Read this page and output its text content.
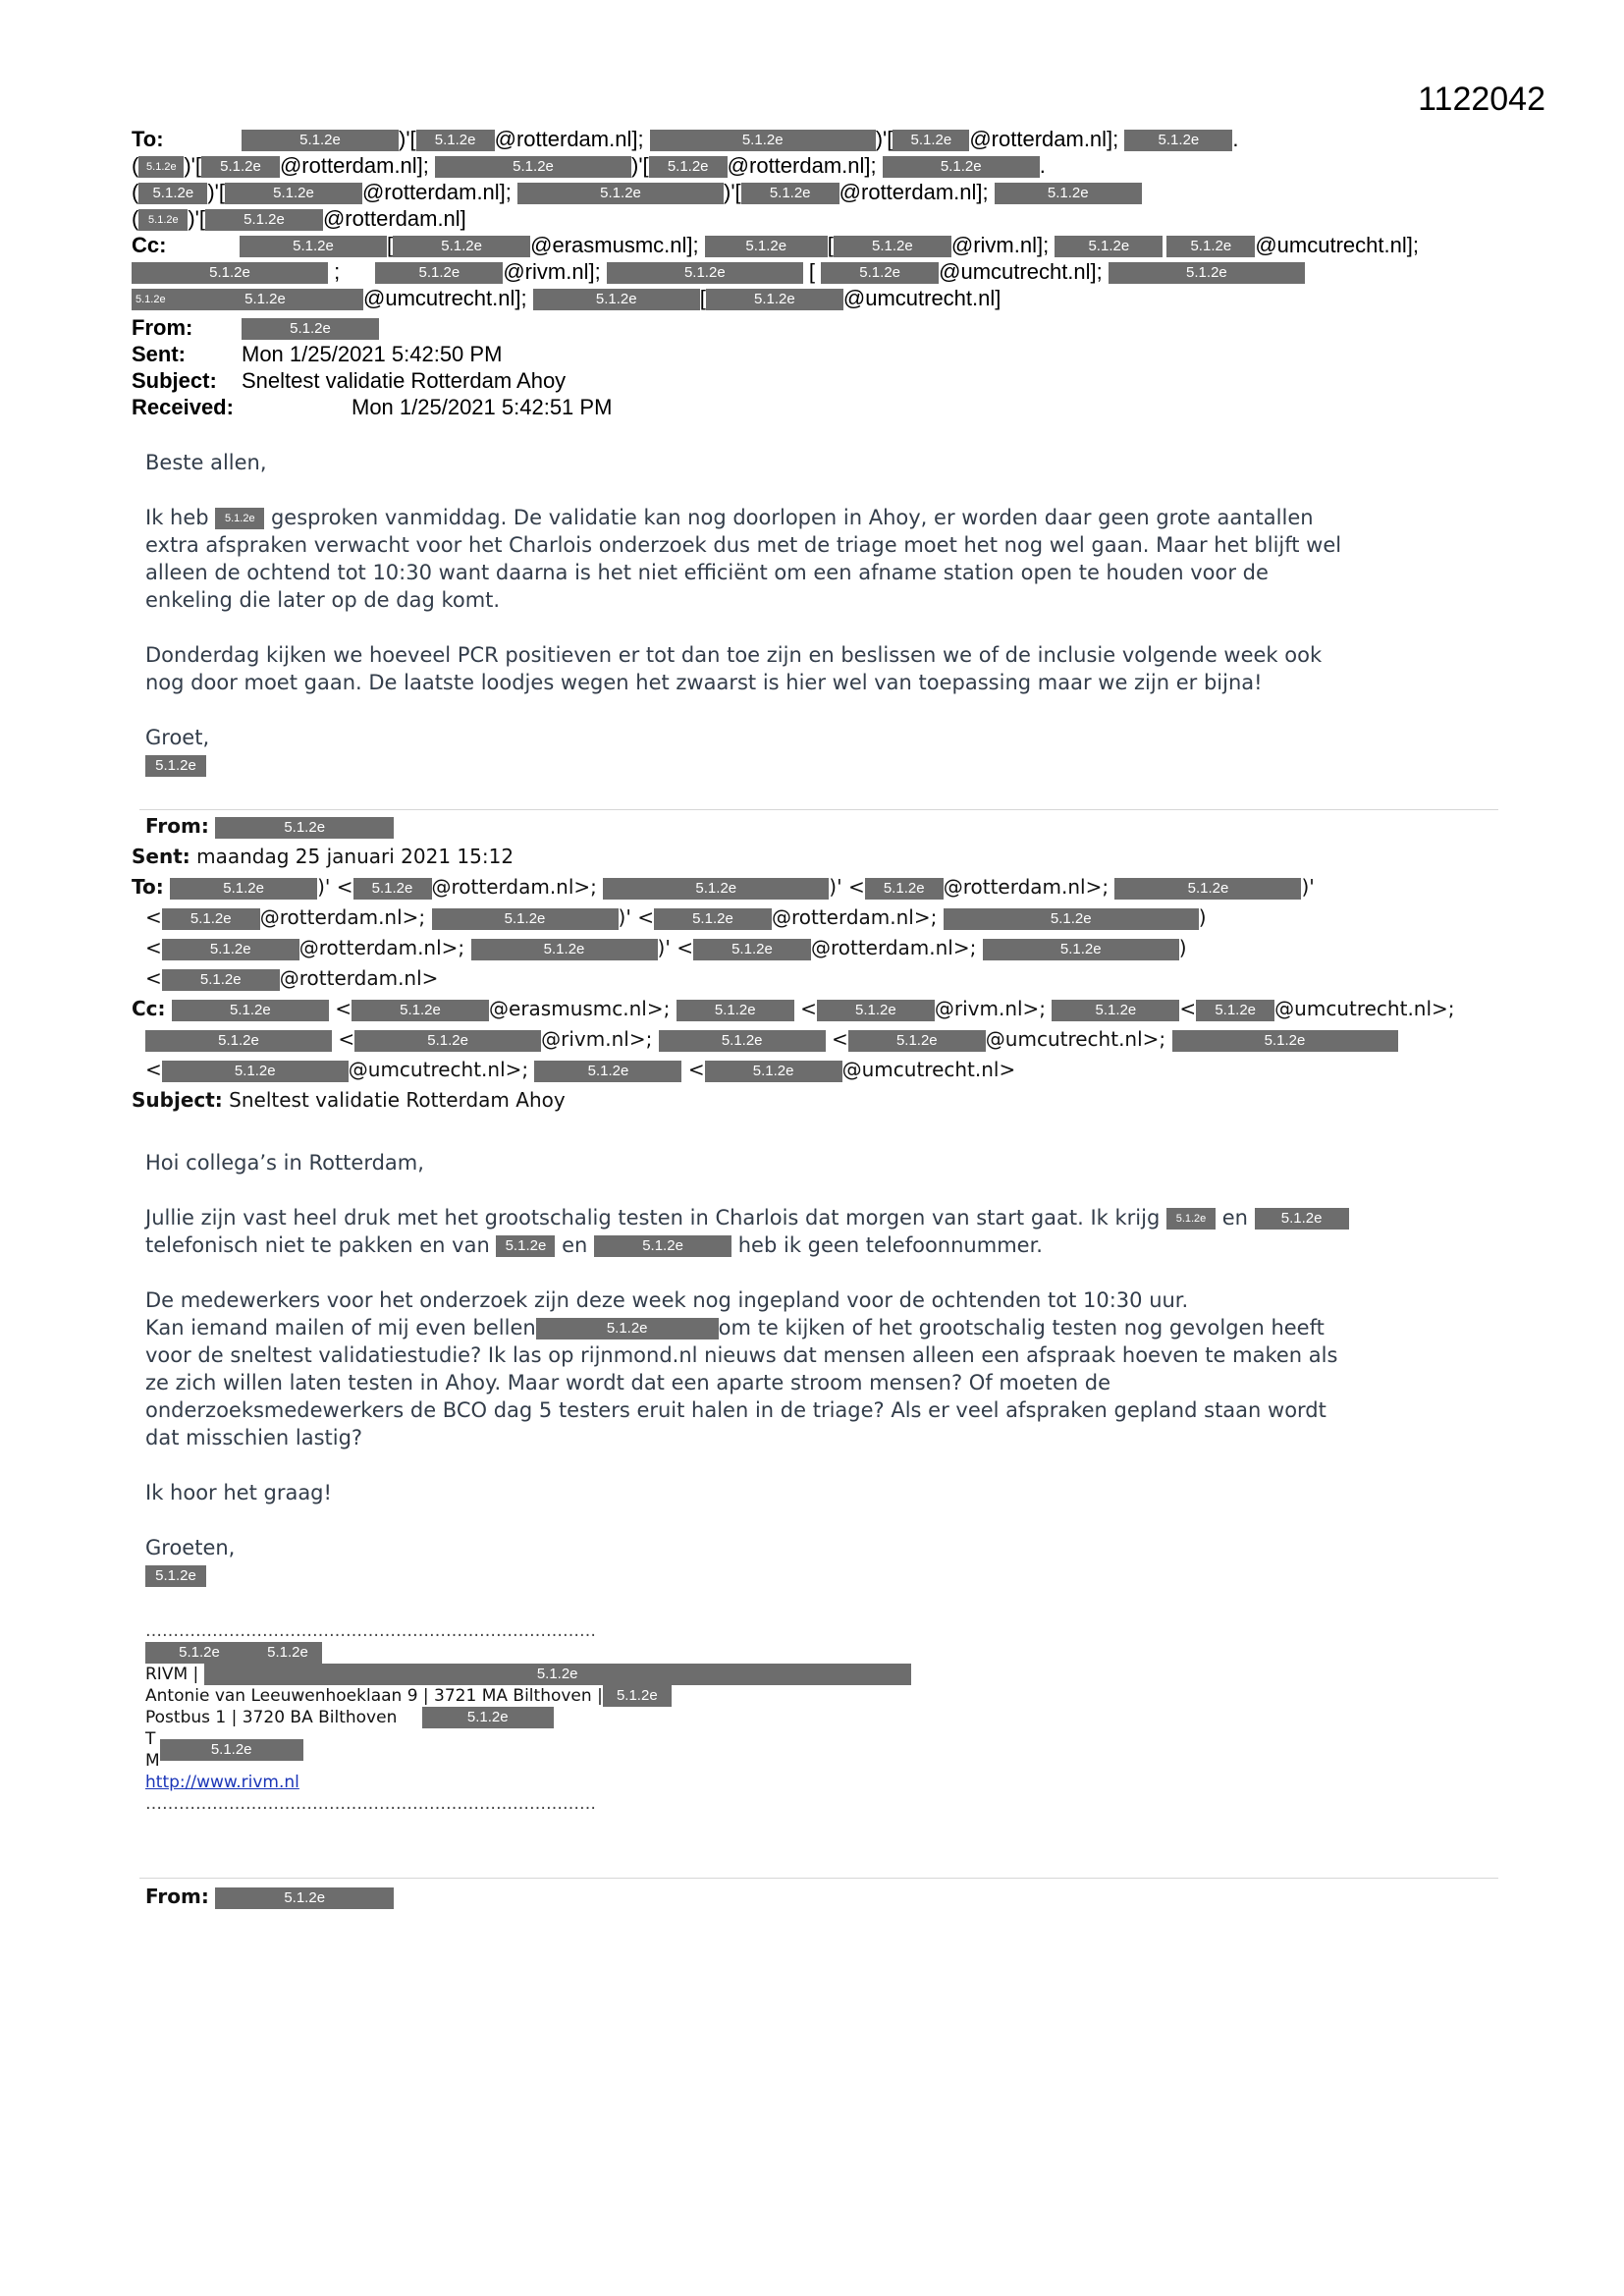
1122042
To:	5.1.2e	)'[ 5.1.2e @rotterdam.nl];	5.1.2e	)'[ 5.1.2e @rotterdam.nl];	5.1.2e .
( 5.1.2e )'[ 5.1.2e @rotterdam.nl];	5.1.2e	)'[ 5.1.2e @rotterdam.nl];	5.1.2e	.
( 5.1.2e )'[	5.1.2e @rotterdam.nl];	5.1.2e	)'[ 5.1.2e @rotterdam.nl];	5.1.2e
( 5.1.2e )'[	5.1.2e @rotterdam.nl]
Cc:	5.1.2e [	5.1.2e @erasmusmc.nl];	5.1.2e [	5.1.2e @rivm.nl];	5.1.2e	5.1.2e @umcutrecht.nl];
5.1.2e	;	5.1.2e @rivm.nl];	5.1.2e	[	5.1.2e @umcutrecht.nl];	5.1.2e
5.1.2e	5.1.2e	@umcutrecht.nl];	5.1.2e	[	5.1.2e @umcutrecht.nl]
From:	5.1.2e
Sent:	Mon 1/25/2021 5:42:50 PM
Subject: Sneltest validatie Rotterdam Ahoy
Received:	Mon 1/25/2021 5:42:51 PM

Beste allen,

Ik heb 5.1.2e gesproken vanmiddag. De validatie kan nog doorlopen in Ahoy, er worden daar geen grote aantallen

extra afspraken verwacht voor het Charlois onderzoek dus met de triage moet het nog wel gaan. Maar het blijft wel

alleen de ochtend tot 10:30 want daarna is het niet efficiënt om een afname station open te houden voor de

enkeling die later op de dag komt.

Donderdag kijken we hoeveel PCR positieven er tot dan toe zijn en beslissen we of de inclusie volgende week ook

nog door moet gaan. De laatste loodjes wegen het zwaarst is hier wel van toepassing maar we zijn er bijna!

Groet,

5.1.2e

From:	5.1.2e
Sent: maandag 25 januari 2021 15:12
To:	5.1.2e	)' < 5.1.2e @rotterdam.nl>;	5.1.2e	)' < 5.1.2e @rotterdam.nl>;	5.1.2e	)'
< 5.1.2e @rotterdam.nl>;	5.1.2e	)' <	5.1.2e @rotterdam.nl>;	5.1.2e	)
<	5.1.2e @rotterdam.nl>;	5.1.2e	)' <	5.1.2e @rotterdam.nl>;	5.1.2e	)
<	5.1.2e @rotterdam.nl>
Cc:	5.1.2e	<	5.1.2e @erasmusmc.nl>;	5.1.2e <	5.1.2e @rivm.nl>;	5.1.2e < 5.1.2e @umcutrecht.nl>;
5.1.2e	<	5.1.2e	@rivm.nl>;	5.1.2e	<	5.1.2e @umcutrecht.nl>;	5.1.2e
<	5.1.2e	@umcutrecht.nl>;	5.1.2e	<	5.1.2e @umcutrecht.nl>
Subject: Sneltest validatie Rotterdam Ahoy

Hoi collega’s in Rotterdam,

Jullie zijn vast heel druk met het grootschalig testen in Charlois dat morgen van start gaat. Ik krijg 5.1.2e en 5.1.2e

telefonisch niet te pakken en van 5.1.2e en	5.1.2e	heb ik geen telefoonnummer.

De medewerkers voor het onderzoek zijn deze week nog ingepland voor de ochtenden tot 10:30 uur.

Kan iemand mailen of mij even bellen	5.1.2e	om te kijken of het grootschalig testen nog gevolgen heeft

voor de sneltest validatiestudie? Ik las op rijnmond.nl nieuws dat mensen alleen een afspraak hoeven te maken als

ze zich willen laten testen in Ahoy. Maar wordt dat een aparte stroom mensen? Of moeten de

onderzoeksmedewerkers de BCO dag 5 testers eruit halen in de triage? Als er veel afspraken gepland staan wordt

dat misschien lastig?

Ik hoor het graag!

Groeten,

5.1.2e

………………………………………………………………………
5.1.2e	5.1.2e
RIVM |	5.1.2e
Antonie van Leeuwenhoeklaan 9 | 3721 MA Bilthoven | 5.1.2e
Postbus 1 | 3720 BA Bilthoven	5.1.2e
T
M5.1.2e
http://www.rivm.nl
………………………………………………………………………
From:	5.1.2e
